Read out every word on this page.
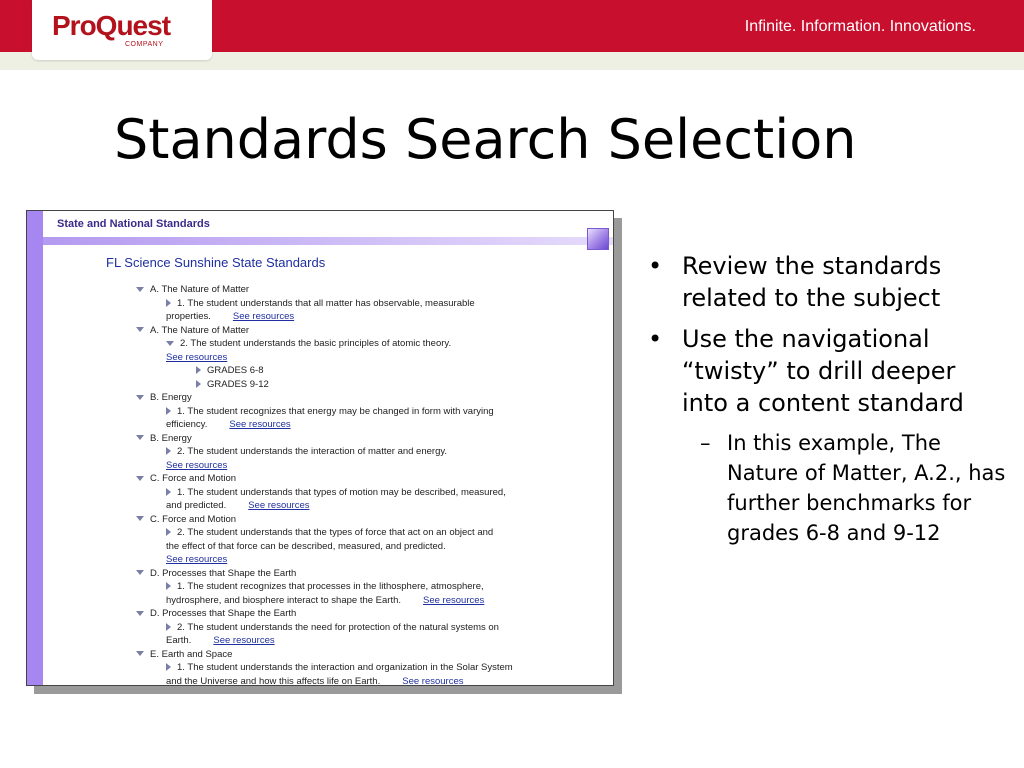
ProQuest
COMPANY
Infinite. Information. Innovations.
Standards Search Selection
State and National Standards
FL Science Sunshine State Standards
A. The Nature of Matter
1. The student understands that all matter has observable, measurable
properties. See resources
A. The Nature of Matter
2. The student understands the basic principles of atomic theory.
See resources
GRADES 6-8
GRADES 9-12
B. Energy
1. The student recognizes that energy may be changed in form with varying
efficiency. See resources
B. Energy
2. The student understands the interaction of matter and energy.
See resources
C. Force and Motion
1. The student understands that types of motion may be described, measured,
and predicted. See resources
C. Force and Motion
2. The student understands that the types of force that act on an object and
the effect of that force can be described, measured, and predicted.
See resources
D. Processes that Shape the Earth
1. The student recognizes that processes in the lithosphere, atmosphere,
hydrosphere, and biosphere interact to shape the Earth. See resources
D. Processes that Shape the Earth
2. The student understands the need for protection of the natural systems on
Earth. See resources
E. Earth and Space
1. The student understands the interaction and organization in the Solar System
and the Universe and how this affects life on Earth. See resources
• Review the standards related to the subject
• Use the navigational “twisty” to drill deeper into a content standard
– In this example, The Nature of Matter, A.2., has further benchmarks for grades 6-8 and 9-12
